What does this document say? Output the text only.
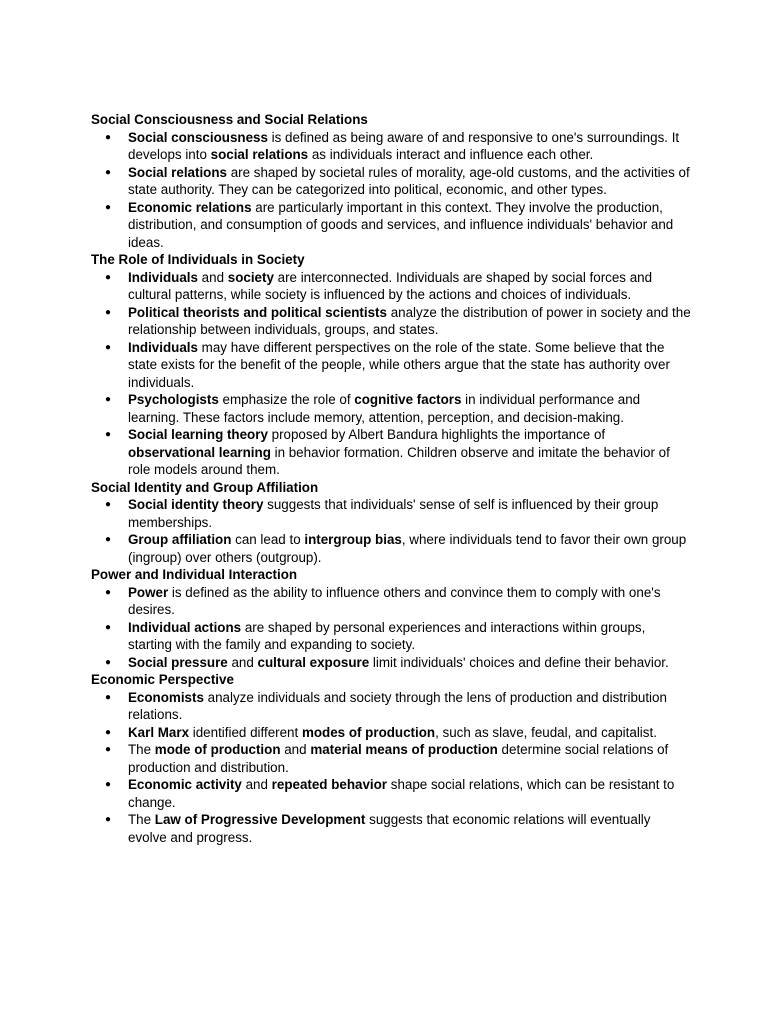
Social Consciousness and Social Relations
● Social consciousness is defined as being aware of and responsive to one's surroundings. It develops into social relations as individuals interact and influence each other.
● Social relations are shaped by societal rules of morality, age-old customs, and the activities of state authority. They can be categorized into political, economic, and other types.
● Economic relations are particularly important in this context. They involve the production, distribution, and consumption of goods and services, and influence individuals' behavior and ideas.
The Role of Individuals in Society
● Individuals and society are interconnected. Individuals are shaped by social forces and cultural patterns, while society is influenced by the actions and choices of individuals.
● Political theorists and political scientists analyze the distribution of power in society and the relationship between individuals, groups, and states.
● Individuals may have different perspectives on the role of the state. Some believe that the state exists for the benefit of the people, while others argue that the state has authority over individuals.
● Psychologists emphasize the role of cognitive factors in individual performance and learning. These factors include memory, attention, perception, and decision-making.
● Social learning theory proposed by Albert Bandura highlights the importance of observational learning in behavior formation. Children observe and imitate the behavior of role models around them.
Social Identity and Group Affiliation
● Social identity theory suggests that individuals' sense of self is influenced by their group memberships.
● Group affiliation can lead to intergroup bias, where individuals tend to favor their own group (ingroup) over others (outgroup).
Power and Individual Interaction
● Power is defined as the ability to influence others and convince them to comply with one's desires.
● Individual actions are shaped by personal experiences and interactions within groups, starting with the family and expanding to society.
● Social pressure and cultural exposure limit individuals' choices and define their behavior.
Economic Perspective
● Economists analyze individuals and society through the lens of production and distribution relations.
● Karl Marx identified different modes of production, such as slave, feudal, and capitalist.
● The mode of production and material means of production determine social relations of production and distribution.
● Economic activity and repeated behavior shape social relations, which can be resistant to change.
● The Law of Progressive Development suggests that economic relations will eventually evolve and progress.
